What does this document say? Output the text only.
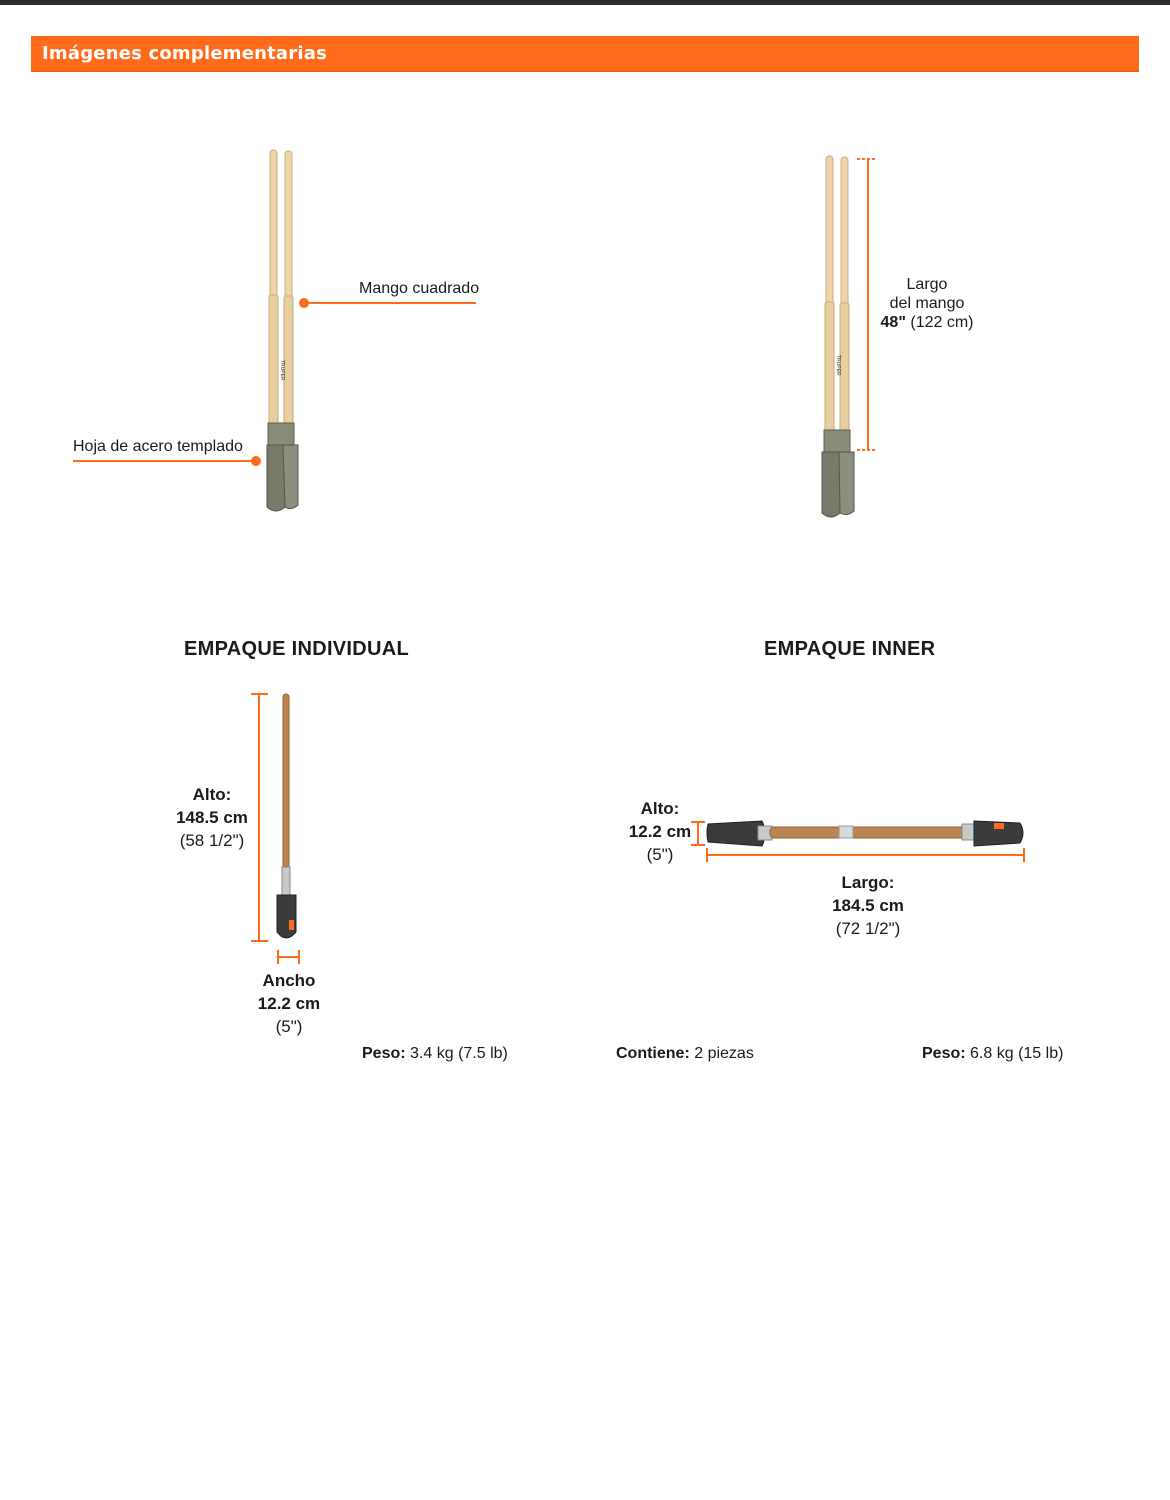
Imágenes complementarias
TRUPER
Mango cuadrado
Hoja de acero templado
TRUPER
Largo
del mango
48" (122 cm)
EMPAQUE INDIVIDUAL
Alto:
148.5 cm
(58 1/2")
Ancho
12.2 cm
(5")
Peso: 3.4 kg (7.5 lb)
EMPAQUE INNER
Alto:
12.2 cm
(5")
Largo:
184.5 cm
(72 1/2")
Contiene: 2 piezas	Peso: 6.8 kg (15 lb)
